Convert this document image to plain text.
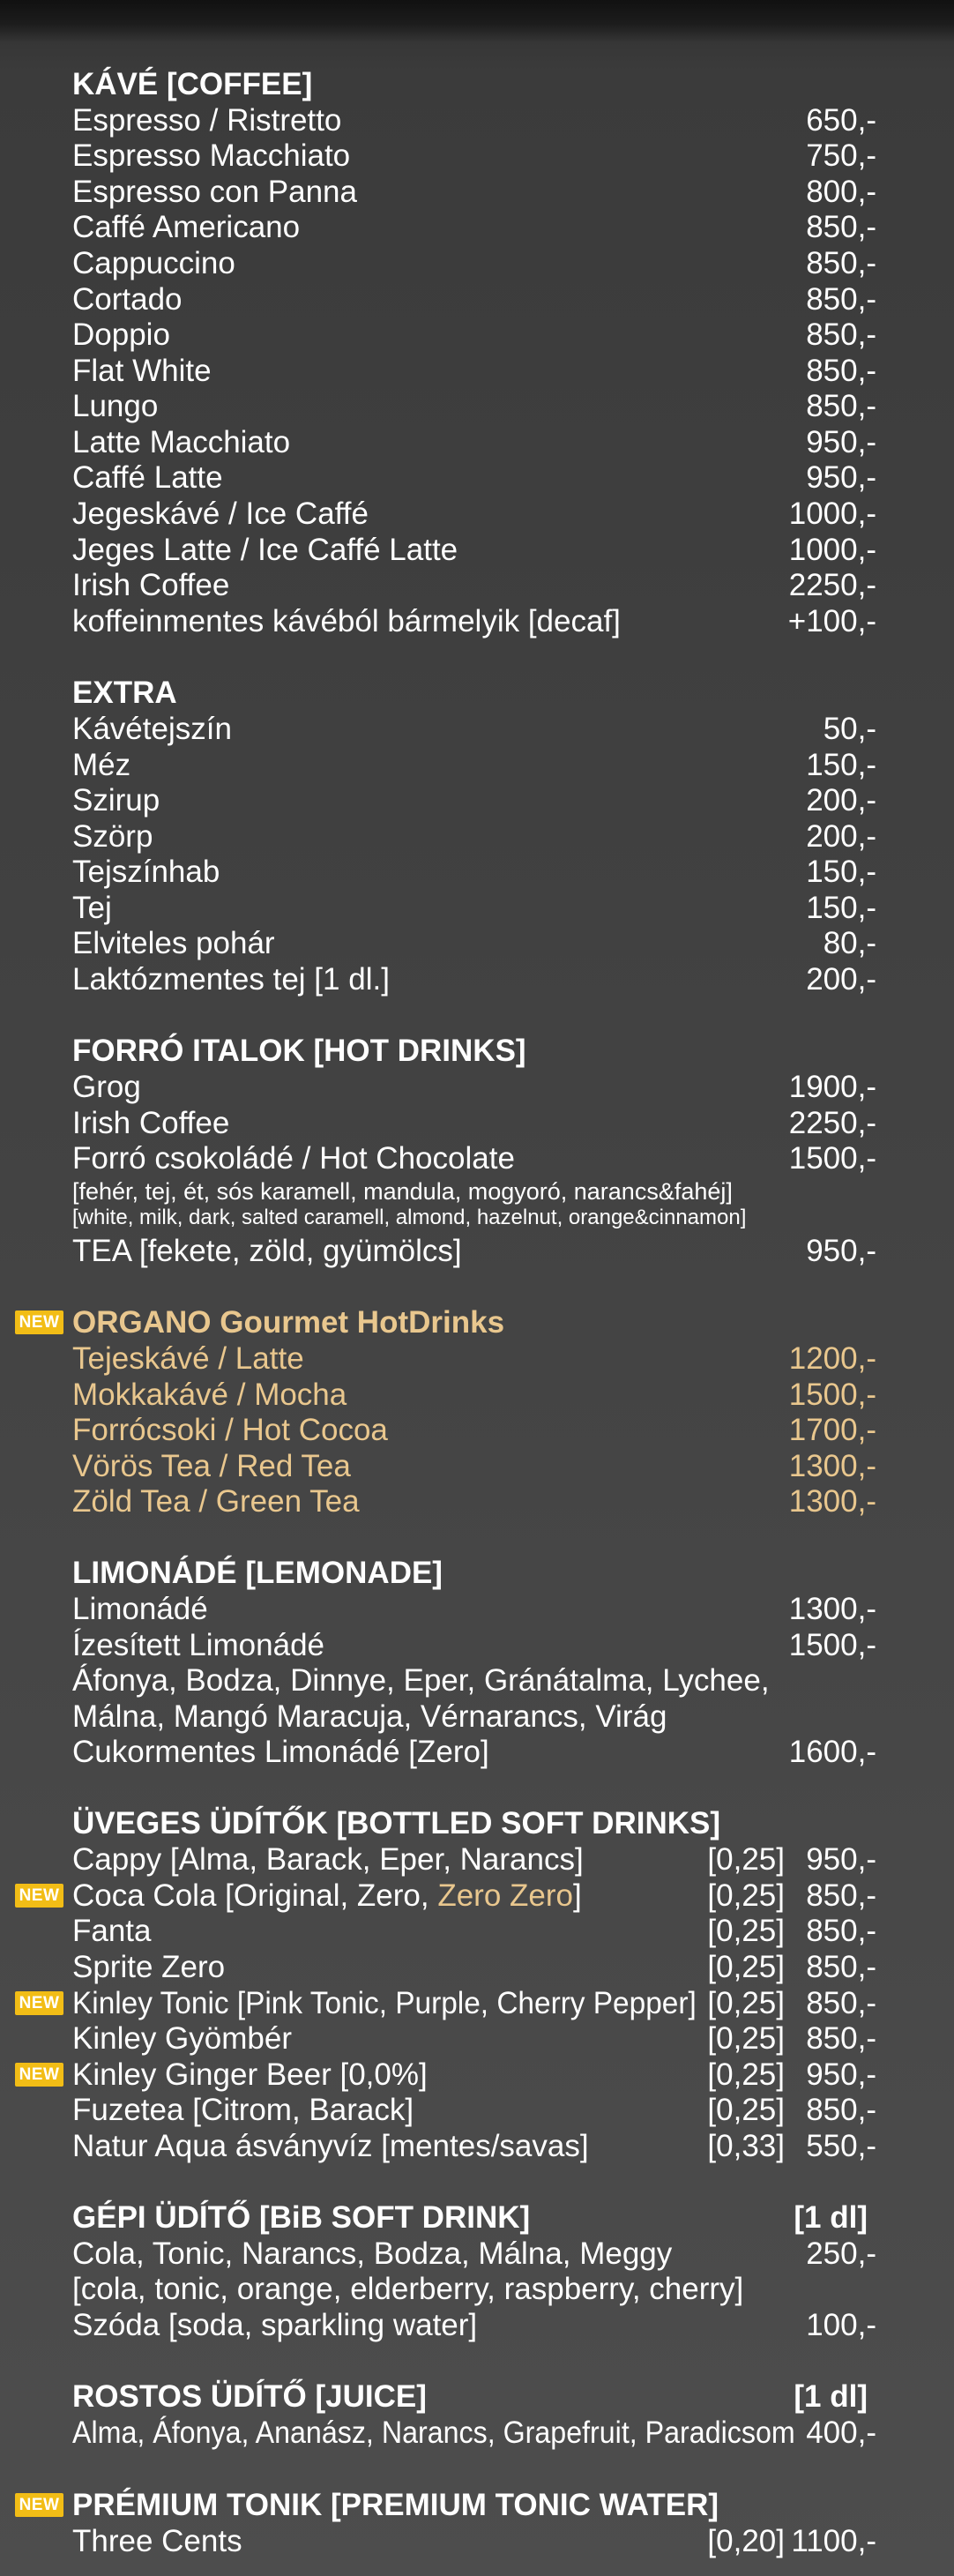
KÁVÉ [COFFEE]
Espresso / Ristretto	650,-
Espresso Macchiato	750,-
Espresso con Panna	800,-
Caffé Americano	850,-
Cappuccino	850,-
Cortado	850,-
Doppio	850,-
Flat White	850,-
Lungo	850,-
Latte Macchiato	950,-
Caffé Latte	950,-
Jegeskávé / Ice Caffé	1000,-
Jeges Latte / Ice Caffé Latte	1000,-
Irish Coffee	2250,-
koffeinmentes kávéból bármelyik [decaf]	+100,-
EXTRA
Kávétejszín	50,-
Méz	150,-
Szirup	200,-
Szörp	200,-
Tejszínhab	150,-
Tej	150,-
Elviteles pohár	80,-
Laktózmentes tej [1 dl.]	200,-
FORRÓ ITALOK [HOT DRINKS]
Grog	1900,-
Irish Coffee	2250,-
Forró csokoládé / Hot Chocolate	1500,-
[fehér, tej, ét, sós karamell, mandula, mogyoró, narancs&fahéj]
[white, milk, dark, salted caramell, almond, hazelnut, orange&cinnamon]
TEA [fekete, zöld, gyümölcs]	950,-
NEW ORGANO Gourmet HotDrinks
Tejeskávé / Latte	1200,-
Mokkakávé / Mocha	1500,-
Forrócsoki / Hot Cocoa	1700,-
Vörös Tea / Red Tea	1300,-
Zöld Tea / Green Tea	1300,-
LIMONÁDÉ [LEMONADE]
Limonádé	1300,-
Ízesített Limonádé	1500,-
Áfonya, Bodza, Dinnye, Eper, Gránátalma, Lychee,
Málna, Mangó Maracuja, Vérnarancs, Virág
Cukormentes Limonádé [Zero]	1600,-
ÜVEGES ÜDÍTŐK [BOTTLED SOFT DRINKS]
Cappy [Alma, Barack, Eper, Narancs]	[0,25] 950,-
NEW Coca Cola [Original, Zero, Zero Zero]	[0,25] 850,-
Fanta	[0,25] 850,-
Sprite Zero	[0,25] 850,-
NEW Kinley Tonic [Pink Tonic, Purple, Cherry Pepper] [0,25] 850,-
Kinley Gyömbér	[0,25] 850,-
NEW Kinley Ginger Beer [0,0%]	[0,25] 950,-
Fuzetea [Citrom, Barack]	[0,25] 850,-
Natur Aqua ásványvíz [mentes/savas]	[0,33] 550,-
GÉPI ÜDÍTŐ [BiB SOFT DRINK]	[1 dl]
Cola, Tonic, Narancs, Bodza, Málna, Meggy	250,-
[cola, tonic, orange, elderberry, raspberry, cherry]
Szóda [soda, sparkling water]	100,-
ROSTOS ÜDÍTŐ [JUICE]	[1 dl]
Alma, Áfonya, Ananász, Narancs, Grapefruit, Paradicsom 400,-
NEW PRÉMIUM TONIK [PREMIUM TONIC WATER]
Three Cents	[0,20] 1100,-
